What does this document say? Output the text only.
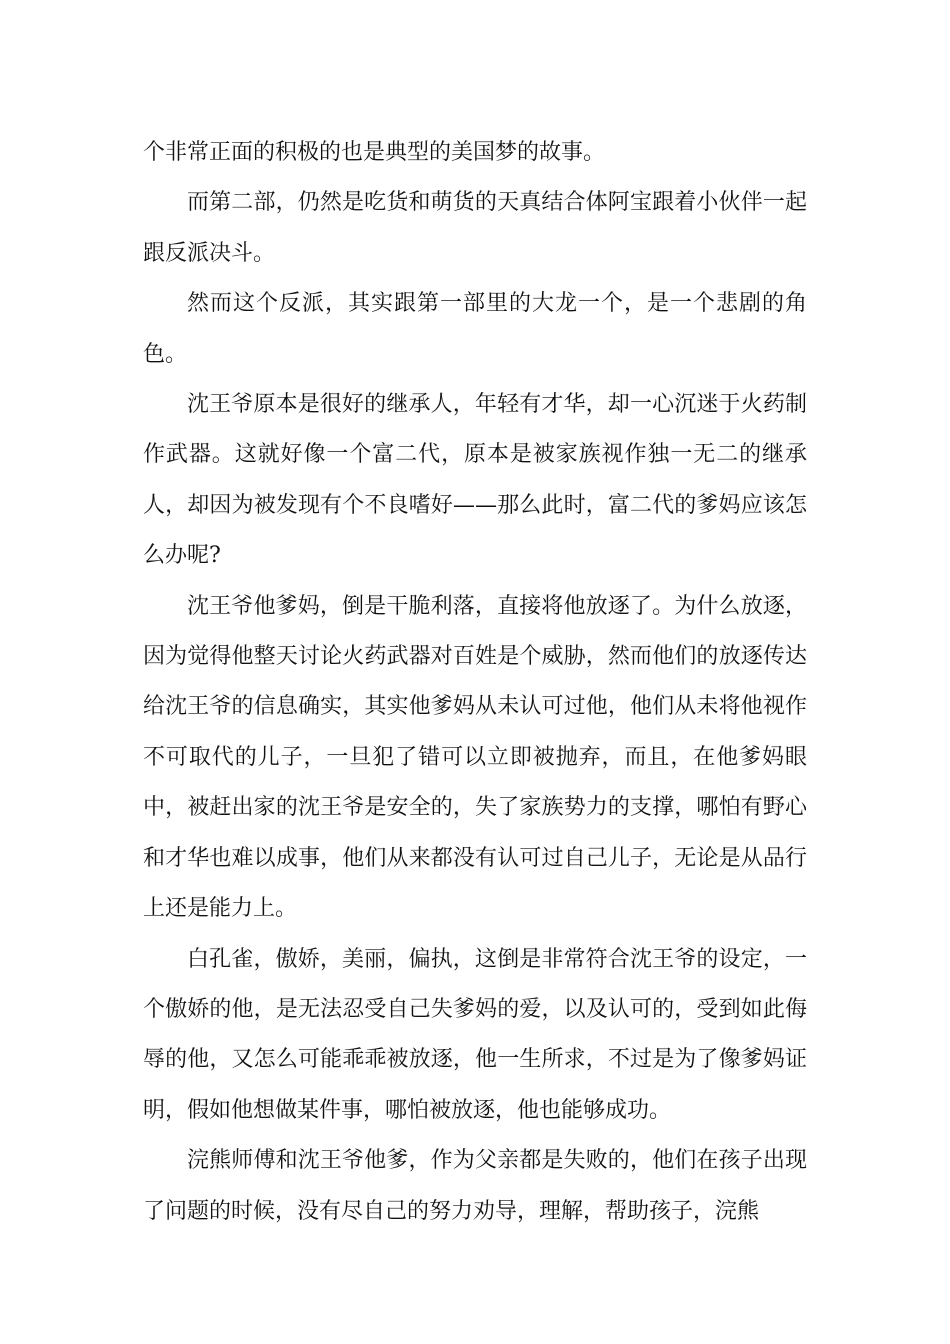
个非常正面的积极的也是典型的美国梦的故事。

而第二部，仍然是吃货和萌货的天真结合体阿宝跟着小伙伴一起跟反派决斗。

然而这个反派，其实跟第一部里的大龙一个，是一个悲剧的角色。

沈王爷原本是很好的继承人，年轻有才华，却一心沉迷于火药制作武器。这就好像一个富二代，原本是被家族视作独一无二的继承人，却因为被发现有个不良嗜好——那么此时，富二代的爹妈应该怎么办呢?

沈王爷他爹妈，倒是干脆利落，直接将他放逐了。为什么放逐，因为觉得他整天讨论火药武器对百姓是个威胁，然而他们的放逐传达给沈王爷的信息确实，其实他爹妈从未认可过他，他们从未将他视作不可取代的儿子，一旦犯了错可以立即被抛弃，而且，在他爹妈眼中，被赶出家的沈王爷是安全的，失了家族势力的支撑，哪怕有野心和才华也难以成事，他们从来都没有认可过自己儿子，无论是从品行上还是能力上。

白孔雀，傲娇，美丽，偏执，这倒是非常符合沈王爷的设定，一个傲娇的他，是无法忍受自己失爹妈的爱，以及认可的，受到如此侮辱的他，又怎么可能乖乖被放逐，他一生所求，不过是为了像爹妈证明，假如他想做某件事，哪怕被放逐，他也能够成功。

浣熊师傅和沈王爷他爹，作为父亲都是失败的，他们在孩子出现了问题的时候，没有尽自己的努力劝导，理解，帮助孩子，浣熊
